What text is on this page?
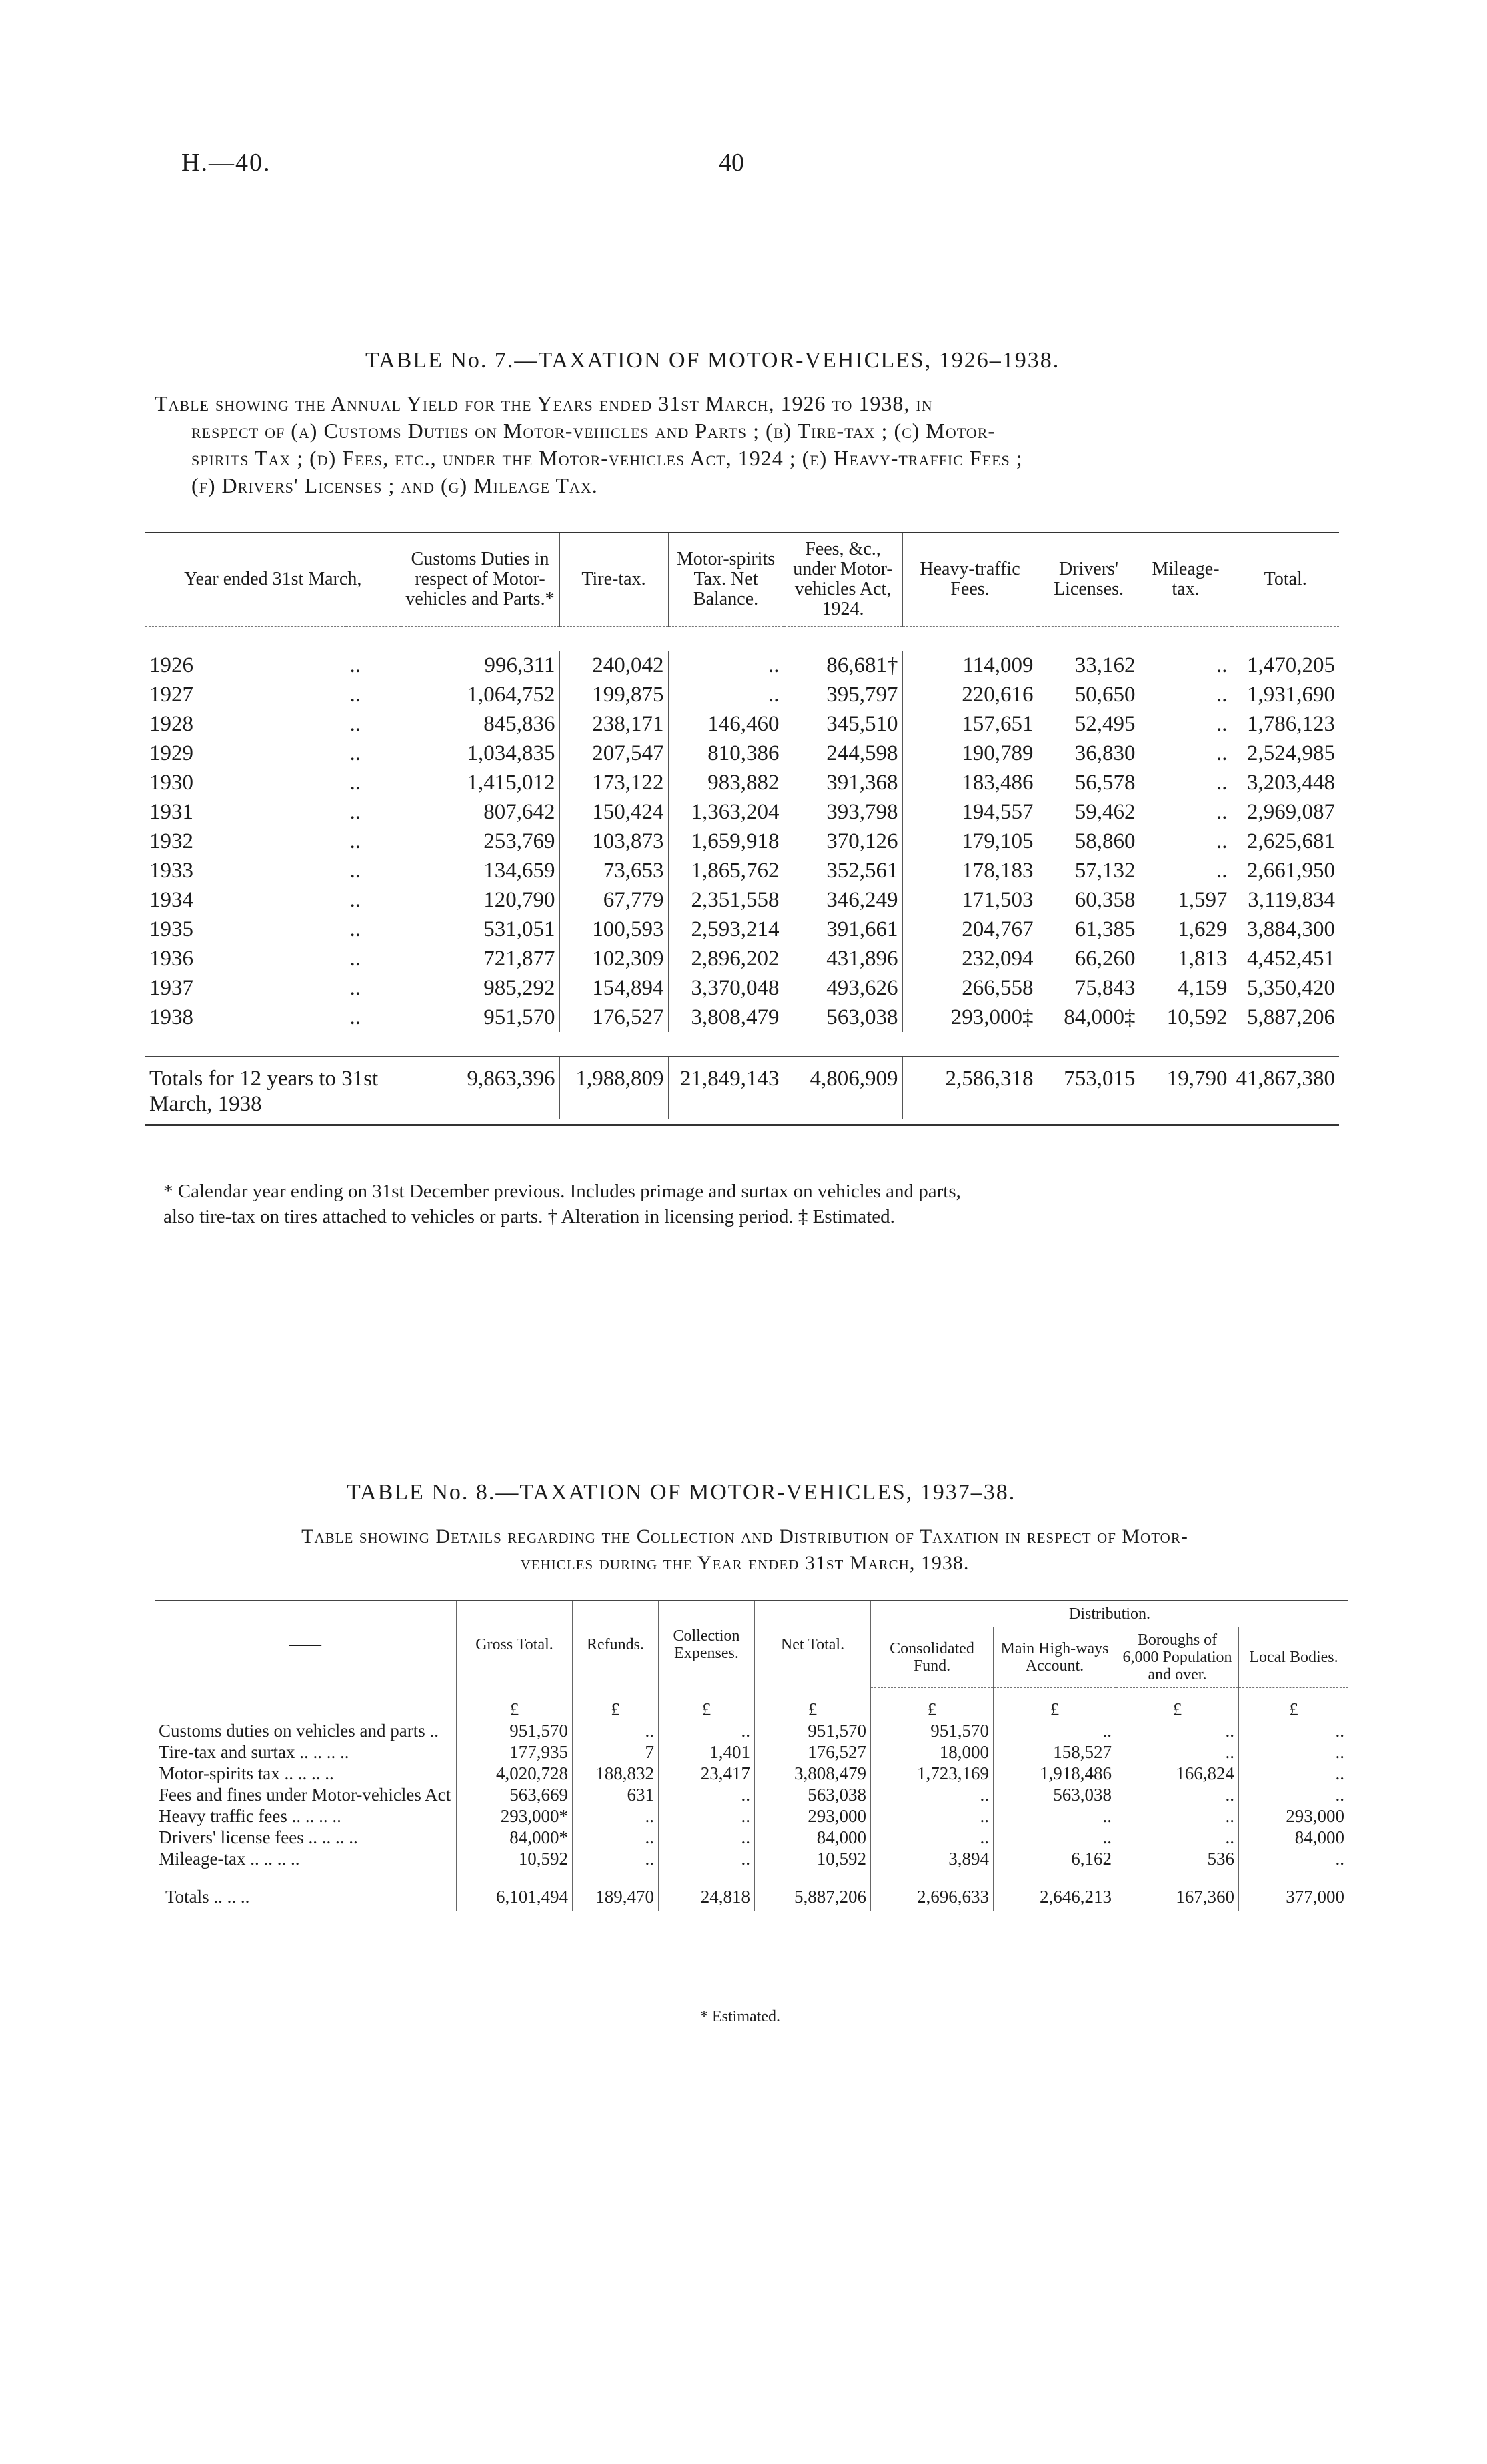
H.—40.	40
TABLE No. 7.—TAXATION OF MOTOR-VEHICLES, 1926–1938.
Table showing the Annual Yield for the Years ended 31st March, 1926 to 1938, in
respect of (a) Customs Duties on Motor-vehicles and Parts ; (b) Tire-tax ; (c) Motor-
spirits Tax ; (d) Fees, etc., under the Motor-vehicles Act, 1924 ; (e) Heavy-traffic Fees ;
(f) Drivers' Licenses ; and (g) Mileage Tax.

Year ended 31st March,		Customs Duties in respect of Motor-vehicles and Parts.*	Tire-tax.	Motor-spirits Tax. Net Balance.	Fees, &c., under Motor-vehicles Act, 1924.	Heavy-traffic Fees.	Drivers' Licenses.	Mileage-tax.	Total.

1926	..	996,311	240,042	..	86,681†	114,009	33,162	..	1,470,205
1927	..	1,064,752	199,875	..	395,797	220,616	50,650	..	1,931,690
1928	..	845,836	238,171	146,460	345,510	157,651	52,495	..	1,786,123
1929	..	1,034,835	207,547	810,386	244,598	190,789	36,830	..	2,524,985
1930	..	1,415,012	173,122	983,882	391,368	183,486	56,578	..	3,203,448
1931	..	807,642	150,424	1,363,204	393,798	194,557	59,462	..	2,969,087
1932	..	253,769	103,873	1,659,918	370,126	179,105	58,860	..	2,625,681
1933	..	134,659	73,653	1,865,762	352,561	178,183	57,132	..	2,661,950
1934	..	120,790	67,779	2,351,558	346,249	171,503	60,358	1,597	3,119,834
1935	..	531,051	100,593	2,593,214	391,661	204,767	61,385	1,629	3,884,300
1936	..	721,877	102,309	2,896,202	431,896	232,094	66,260	1,813	4,452,451
1937	..	985,292	154,894	3,370,048	493,626	266,558	75,843	4,159	5,350,420
1938	..	951,570	176,527	3,808,479	563,038	293,000‡	84,000‡	10,592	5,887,206

Totals for 12 years to 31st March, 1938		9,863,396	1,988,809	21,849,143	4,806,909	2,586,318	753,015	19,790	41,867,380

* Calendar year ending on 31st December previous. Includes primage and surtax on vehicles and parts,
also tire-tax on tires attached to vehicles or parts. † Alteration in licensing period. ‡ Estimated.
TABLE No. 8.—TAXATION OF MOTOR-VEHICLES, 1937–38.
Table showing Details regarding the Collection and Distribution of Taxation in respect of Motor-
vehicles during the Year ended 31st March, 1938.

——	Gross Total.	Refunds.	Collection Expenses.	Net Total.	Distribution.			
					Consolidated Fund.	Main High-ways Account.	Boroughs of 6,000 Population and over.	Local Bodies.
	£	£	£	£	£	£	£	£
Customs duties on vehicles and parts ..	951,570	..	..	951,570	951,570	..	..	..
Tire-tax and surtax .. .. .. ..	177,935	7	1,401	176,527	18,000	158,527	..	..
Motor-spirits tax .. .. .. ..	4,020,728	188,832	23,417	3,808,479	1,723,169	1,918,486	166,824	..
Fees and fines under Motor-vehicles Act	563,669	631	..	563,038	..	563,038	..	..
Heavy traffic fees .. .. .. ..	293,000*	..	..	293,000	..	..	..	293,000
Drivers' license fees .. .. .. ..	84,000*	..	..	84,000	..	..	..	84,000
Mileage-tax .. .. .. ..	10,592	..	..	10,592	3,894	6,162	536	..
Totals .. .. ..	6,101,494	189,470	24,818	5,887,206	2,696,633	2,646,213	167,360	377,000

* Estimated.
